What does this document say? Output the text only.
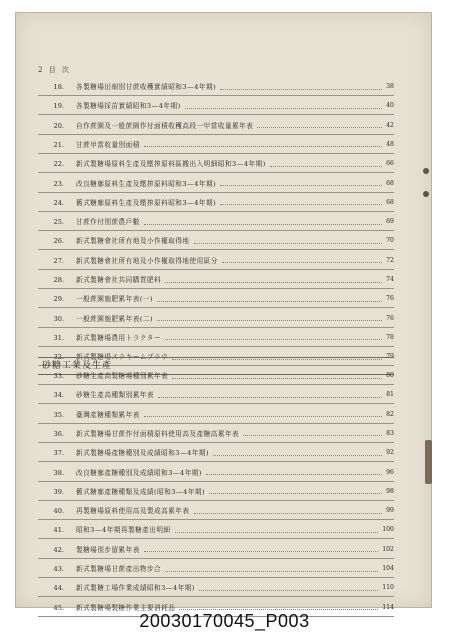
2 目 次
18. 各製糖場田畑別甘蔗收穫實績昭和3—4年期)	38
19. 各製糖場採苗實績昭和3—4年期)	40
20. 自作蔗園及一般蔗園作付面積收穫高段一甲當收量累年表	42
21. 甘蔗甲當收量別面積	48
22. 新式製糖場原料生產及壓搾原料區搬出入明細昭和3—4年期)	66
23. 改良糖廍原料生產及壓搾原料昭和3—4年期)	68
24. 舊式糖廍原料生產及壓搾原料昭和3—4年期)	68
25. 甘蔗作付別蔗農戶數	69
26. 新式製糖會社所有地及小作權取得地	70
27. 新式製糖會社所有地及小作權取得地使用區分	72
28. 新式製糖會社共同購買肥料	74
29. 一般蔗園施肥累年表(一)	76
30. 一般蔗園施肥累年表(二)	76
31. 新式製糖場農用トラクター	78
32. 新式製糖場スラキームプラウ	79
砂糖工業及生產
33. 砂糖生產高製糖場種別累年表	80
34. 砂糖生產高種類別累年表	81
35. 臺灣產糖種類累年表	82
36. 新式製糖場甘蔗作付面積原料使用高及產糖高累年表	83
37. 新式製糖場產糖種別及成績昭和3—4年期)	92
38. 改良糖廍產糖種別及成績昭和3—4年期)	96
39. 舊式糖廍產糖種類及成績(昭和3—4年期)	98
40. 再製糖場原料使用高及製成高累年表	99
41. 昭和3—4年期再製糖產出明細	100
42. 製糖場別步留累年表	102
43. 新式製糖場甘蔗產出物步合	104
44. 新式製糖工場作業成績昭和3—4年期)	110
45. 新式製糖場製糖作業主要消耗品	114
20030170045_P003
